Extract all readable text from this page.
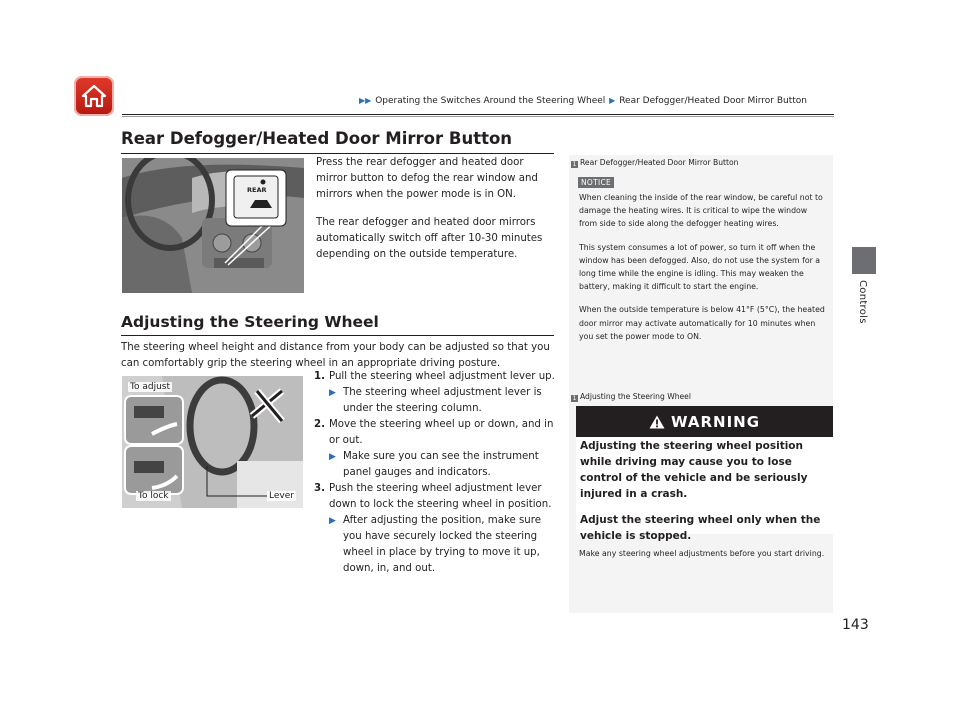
▶▶ Operating the Switches Around the Steering Wheel ▶ Rear Defogger/Heated Door Mirror Button
Controls
143
Rear Defogger/Heated Door Mirror Button
REAR

Press the rear defogger and heated door mirror button to defog the rear window and mirrors when the power mode is in ON.

The rear defogger and heated door mirrors automatically switch off after 10-30 minutes depending on the outside temperature.

Adjusting the Steering Wheel
The steering wheel height and distance from your body can be adjusted so that you can comfortably grip the steering wheel in an appropriate driving posture.
To adjust
To lock	Lever
1. Pull the steering wheel adjustment lever up.
▶ The steering wheel adjustment lever is under the steering column.
2. Move the steering wheel up or down, and in or out.
▶ Make sure you can see the instrument panel gauges and indicators.
3. Push the steering wheel adjustment lever down to lock the steering wheel in position.
▶ After adjusting the position, make sure you have securely locked the steering wheel in place by trying to move it up, down, in, and out.
1 Rear Defogger/Heated Door Mirror Button
NOTICE

When cleaning the inside of the rear window, be careful not to damage the heating wires. It is critical to wipe the window from side to side along the defogger heating wires.

This system consumes a lot of power, so turn it off when the window has been defogged. Also, do not use the system for a long time while the engine is idling. This may weaken the battery, making it difficult to start the engine.

When the outside temperature is below 41°F (5°C), the heated door mirror may activate automatically for 10 minutes when you set the power mode to ON.

1 Adjusting the Steering Wheel
WARNING

Adjusting the steering wheel position while driving may cause you to lose control of the vehicle and be seriously injured in a crash.

Adjust the steering wheel only when the vehicle is stopped.

Make any steering wheel adjustments before you start driving.
